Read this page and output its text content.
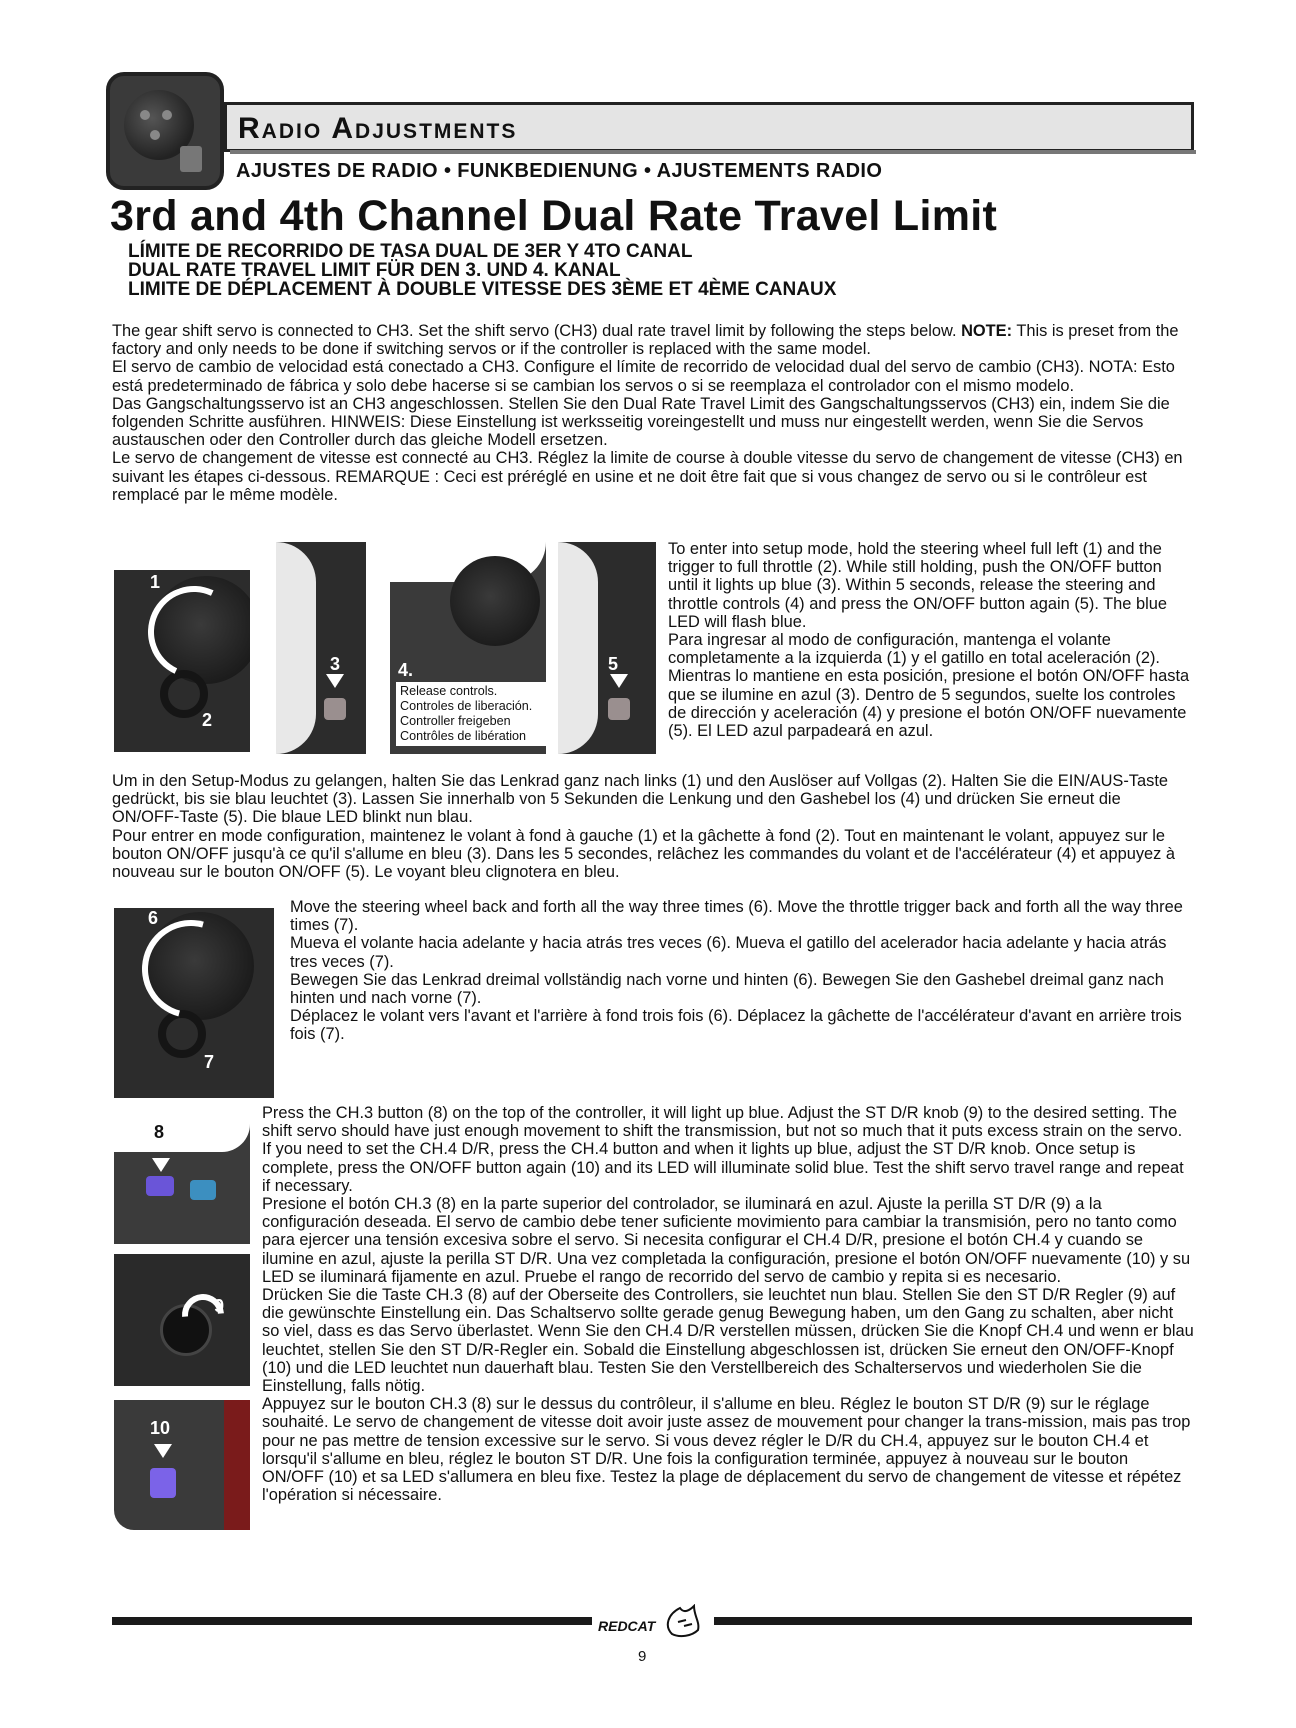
Radio Adjustments
AJUSTES DE RADIO • FUNKBEDIENUNG • AJUSTEMENTS RADIO
3rd and 4th Channel Dual Rate Travel Limit
LÍMITE DE RECORRIDO DE TASA DUAL DE 3ER Y 4TO CANAL
DUAL RATE TRAVEL LIMIT FÜR DEN 3. UND 4. KANAL
LIMITE DE DÉPLACEMENT À DOUBLE VITESSE DES 3ÈME ET 4ÈME CANAUX

The gear shift servo is connected to CH3. Set the shift servo (CH3) dual rate travel limit by following the steps below. NOTE: This is preset from the factory and only needs to be done if switching servos or if the controller is replaced with the same model.

El servo de cambio de velocidad está conectado a CH3. Configure el límite de recorrido de velocidad dual del servo de cambio (CH3). NOTA: Esto está predeterminado de fábrica y solo debe hacerse si se cambian los servos o si se reemplaza el controlador con el mismo modelo.

Das Gangschaltungsservo ist an CH3 angeschlossen. Stellen Sie den Dual Rate Travel Limit des Gangschaltungsservos (CH3) ein, indem Sie die folgenden Schritte ausführen. HINWEIS: Diese Einstellung ist werksseitig voreingestellt und muss nur eingestellt werden, wenn Sie die Servos austauschen oder den Controller durch das gleiche Modell ersetzen.

Le servo de changement de vitesse est connecté au CH3. Réglez la limite de course à double vitesse du servo de changement de vitesse (CH3) en suivant les étapes ci-dessous. REMARQUE : Ceci est préréglé en usine et ne doit être fait que si vous changez de servo ou si le contrôleur est remplacé par le même modèle.

1
2
3	4.
Release controls.
Controles de liberación.
Controller freigeben
Contrôles de libération
5

To enter into setup mode, hold the steering wheel full left (1) and the trigger to full throttle (2). While still holding, push the ON/OFF button until it lights up blue (3). Within 5 seconds, release the steering and throttle controls (4) and press the ON/OFF button again (5). The blue LED will flash blue.

Para ingresar al modo de configuración, mantenga el volante completamente a la izquierda (1) y el gatillo en total aceleración (2). Mientras lo mantiene en esta posición, presione el botón ON/OFF hasta que se ilumine en azul (3). Dentro de 5 segundos, suelte los controles de dirección y aceleración (4) y presione el botón ON/OFF nuevamente (5). El LED azul parpadeará en azul.

Um in den Setup-Modus zu gelangen, halten Sie das Lenkrad ganz nach links (1) und den Auslöser auf Vollgas (2). Halten Sie die EIN/AUS-Taste gedrückt, bis sie blau leuchtet (3). Lassen Sie innerhalb von 5 Sekunden die Lenkung und den Gashebel los (4) und drücken Sie erneut die ON/OFF-Taste (5). Die blaue LED blinkt nun blau.

Pour entrer en mode configuration, maintenez le volant à fond à gauche (1) et la gâchette à fond (2). Tout en maintenant le volant, appuyez sur le bouton ON/OFF jusqu'à ce qu'il s'allume en bleu (3). Dans les 5 secondes, relâchez les commandes du volant et de l'accélérateur (4) et appuyez à nouveau sur le bouton ON/OFF (5). Le voyant bleu clignotera en bleu.

6
7

Move the steering wheel back and forth all the way three times (6). Move the throttle trigger back and forth all the way three times (7).

Mueva el volante hacia adelante y hacia atrás tres veces (6). Mueva el gatillo del acelerador hacia adelante y hacia atrás tres veces (7).

Bewegen Sie das Lenkrad dreimal vollständig nach vorne und hinten (6). Bewegen Sie den Gashebel dreimal ganz nach hinten und nach vorne (7).

Déplacez le volant vers l'avant et l'arrière à fond trois fois (6). Déplacez la gâchette de l'accélérateur d'avant en arrière trois fois (7).

8
9
10

Press the CH.3 button (8) on the top of the controller, it will light up blue. Adjust the ST D/R knob (9) to the desired setting. The shift servo should have just enough movement to shift the transmission, but not so much that it puts excess strain on the servo. If you need to set the CH.4 D/R, press the CH.4 button and when it lights up blue, adjust the ST D/R knob. Once setup is complete, press the ON/OFF button again (10) and its LED will illuminate solid blue. Test the shift servo travel range and repeat if necessary.

Presione el botón CH.3 (8) en la parte superior del controlador, se iluminará en azul. Ajuste la perilla ST D/R (9) a la configuración deseada. El servo de cambio debe tener suficiente movimiento para cambiar la transmisión, pero no tanto como para ejercer una tensión excesiva sobre el servo. Si necesita configurar el CH.4 D/R, presione el botón CH.4 y cuando se ilumine en azul, ajuste la perilla ST D/R. Una vez completada la configuración, presione el botón ON/OFF nuevamente (10) y su LED se iluminará fijamente en azul. Pruebe el rango de recorrido del servo de cambio y repita si es necesario.

Drücken Sie die Taste CH.3 (8) auf der Oberseite des Controllers, sie leuchtet nun blau. Stellen Sie den ST D/R Regler (9) auf die gewünschte Einstellung ein. Das Schaltservo sollte gerade genug Bewegung haben, um den Gang zu schalten, aber nicht so viel, dass es das Servo überlastet. Wenn Sie den CH.4 D/R verstellen müssen, drücken Sie die Knopf CH.4 und wenn er blau leuchtet, stellen Sie den ST D/R-Regler ein. Sobald die Einstellung abgeschlossen ist, drücken Sie erneut den ON/OFF-Knopf (10) und die LED leuchtet nun dauerhaft blau. Testen Sie den Verstellbereich des Schalterservos und wiederholen Sie die Einstellung, falls nötig.

Appuyez sur le bouton CH.3 (8) sur le dessus du contrôleur, il s'allume en bleu. Réglez le bouton ST D/R (9) sur le réglage souhaité. Le servo de changement de vitesse doit avoir juste assez de mouvement pour changer la trans-mission, mais pas trop pour ne pas mettre de tension excessive sur le servo. Si vous devez régler le D/R du CH.4, appuyez sur le bouton CH.4 et lorsqu'il s'allume en bleu, réglez le bouton ST D/R. Une fois la configuration terminée, appuyez à nouveau sur le bouton ON/OFF (10) et sa LED s'allumera en bleu fixe. Testez la plage de déplacement du servo de changement de vitesse et répétez l'opération si nécessaire.

REDCAT
9
